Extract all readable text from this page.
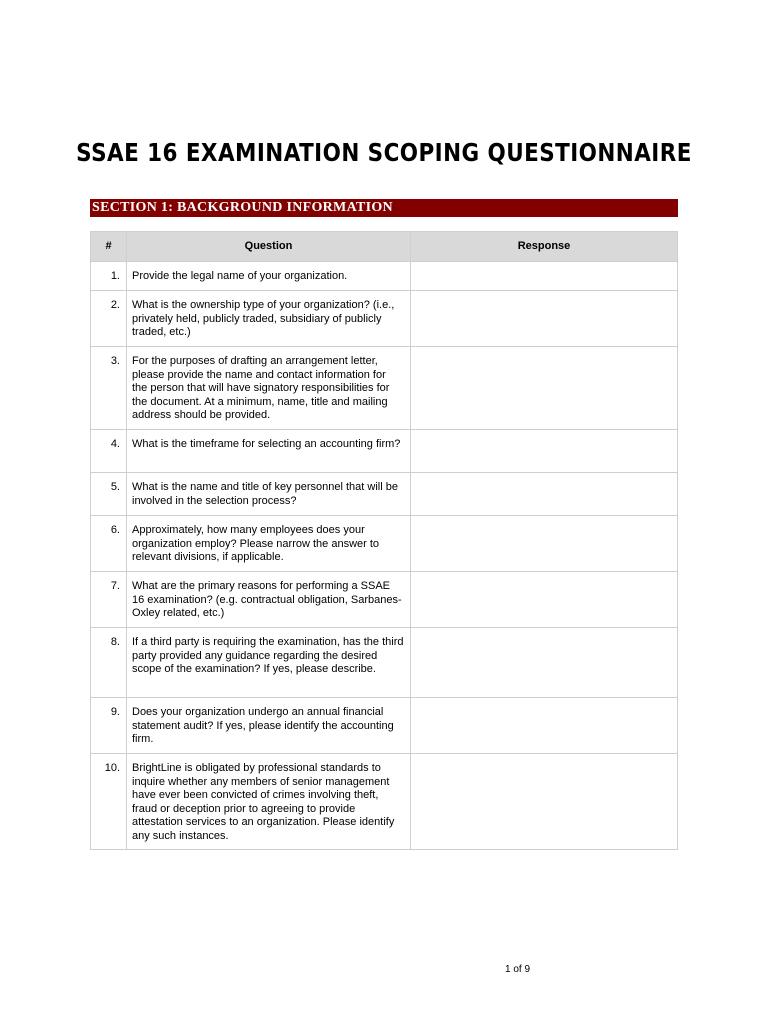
SSAE 16 EXAMINATION SCOPING QUESTIONNAIRE
SECTION 1: BACKGROUND INFORMATION
#	Question	Response
1.	Provide the legal name of your organization.	
2.	What is the ownership type of your organization? (i.e., privately held, publicly traded, subsidiary of publicly traded, etc.)	
3.	For the purposes of drafting an arrangement letter, please provide the name and contact information for the person that will have signatory responsibilities for the document. At a minimum, name, title and mailing address should be provided.	
4.	What is the timeframe for selecting an accounting firm?	
5.	What is the name and title of key personnel that will be involved in the selection process?	
6.	Approximately, how many employees does your organization employ? Please narrow the answer to relevant divisions, if applicable.	
7.	What are the primary reasons for performing a SSAE 16 examination? (e.g. contractual obligation, Sarbanes-Oxley related, etc.)	
8.	If a third party is requiring the examination, has the third party provided any guidance regarding the desired scope of the examination? If yes, please describe.	
9.	Does your organization undergo an annual financial statement audit? If yes, please identify the accounting firm.	
10.	BrightLine is obligated by professional standards to inquire whether any members of senior management have ever been convicted of crimes involving theft, fraud or deception prior to agreeing to provide attestation services to an organization. Please identify any such instances.	
1 of 9
